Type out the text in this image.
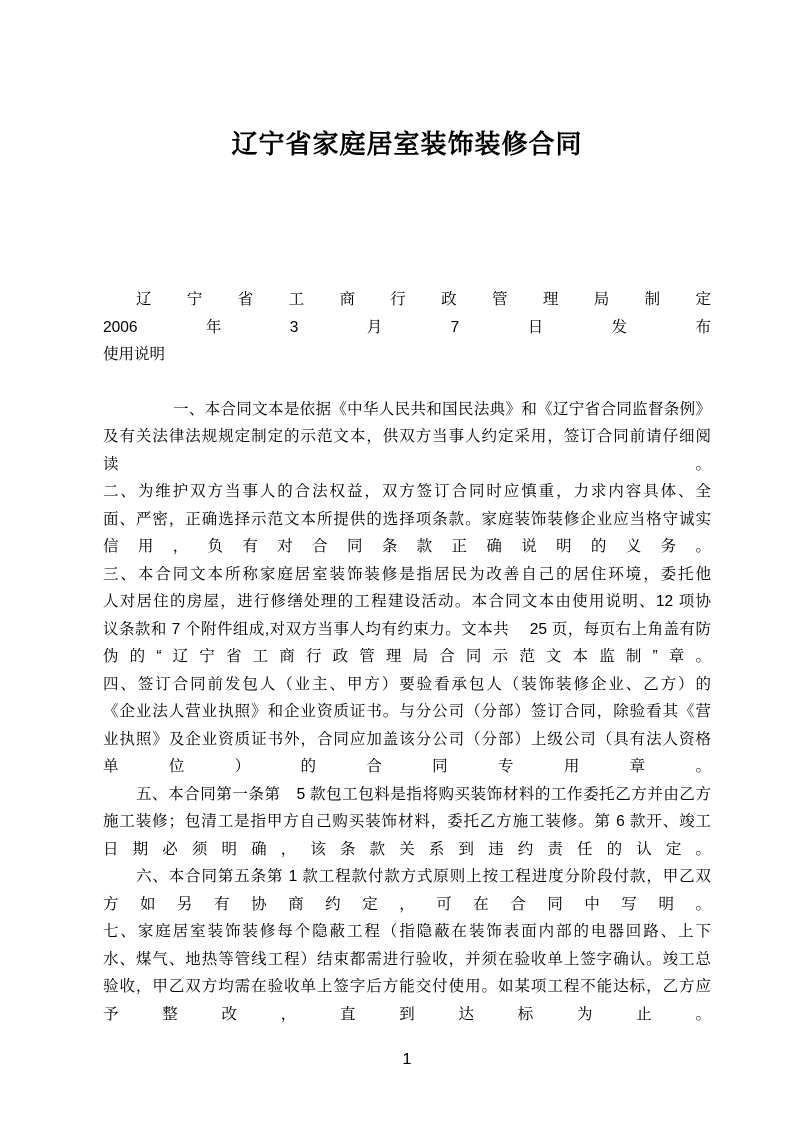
辽宁省家庭居室装饰装修合同
辽宁省工商行政管理局制定
2006年3月7日发布
使用说明
一、本合同文本是依据《中华人民共和国民法典》和《辽宁省合同监督条例》
及有关法律法规规定制定的示范文本，供双方当事人约定采用，签订合同前请仔细阅
读。
二、为维护双方当事人的合法权益，双方签订合同时应慎重，力求内容具体、全
面、严密，正确选择示范文本所提供的选择项条款。家庭装饰装修企业应当格守诚实
信用，负有对合同条款正确说明的义务。
三、本合同文本所称家庭居室装饰装修是指居民为改善自己的居住环境，委托他
人对居住的房屋，进行修缮处理的工程建设活动。本合同文本由使用说明、12 项协
议条款和 7 个附件组成,对双方当事人均有约束力。文本共　 25 页，每页右上角盖有防
伪的“辽宁省工商行政管理局合同示范文本监制”章。
四、签订合同前发包人（业主、甲方）要验看承包人（装饰装修企业、乙方）的
《企业法人营业执照》和企业资质证书。与分公司（分部）签订合同，除验看其《营
业执照》及企业资质证书外，合同应加盖该分公司（分部）上级公司（具有法人资格
单位）的合同专用章。
五、本合同第一条第　5 款包工包料是指将购买装饰材料的工作委托乙方并由乙方
施工装修；包清工是指甲方自己购买装饰材料，委托乙方施工装修。第 6 款开、竣工
日期必须明确，该条款关系到违约责任的认定。
六、本合同第五条第 1 款工程款付款方式原则上按工程进度分阶段付款，甲乙双
方如另有协商约定，可在合同中写明。
七、家庭居室装饰装修每个隐蔽工程（指隐蔽在装饰表面内部的电器回路、上下
水、煤气、地热等管线工程）结束都需进行验收，并须在验收单上签字确认。竣工总
验收，甲乙双方均需在验收单上签字后方能交付使用。如某项工程不能达标，乙方应
予整改，直到达标为止。
1
